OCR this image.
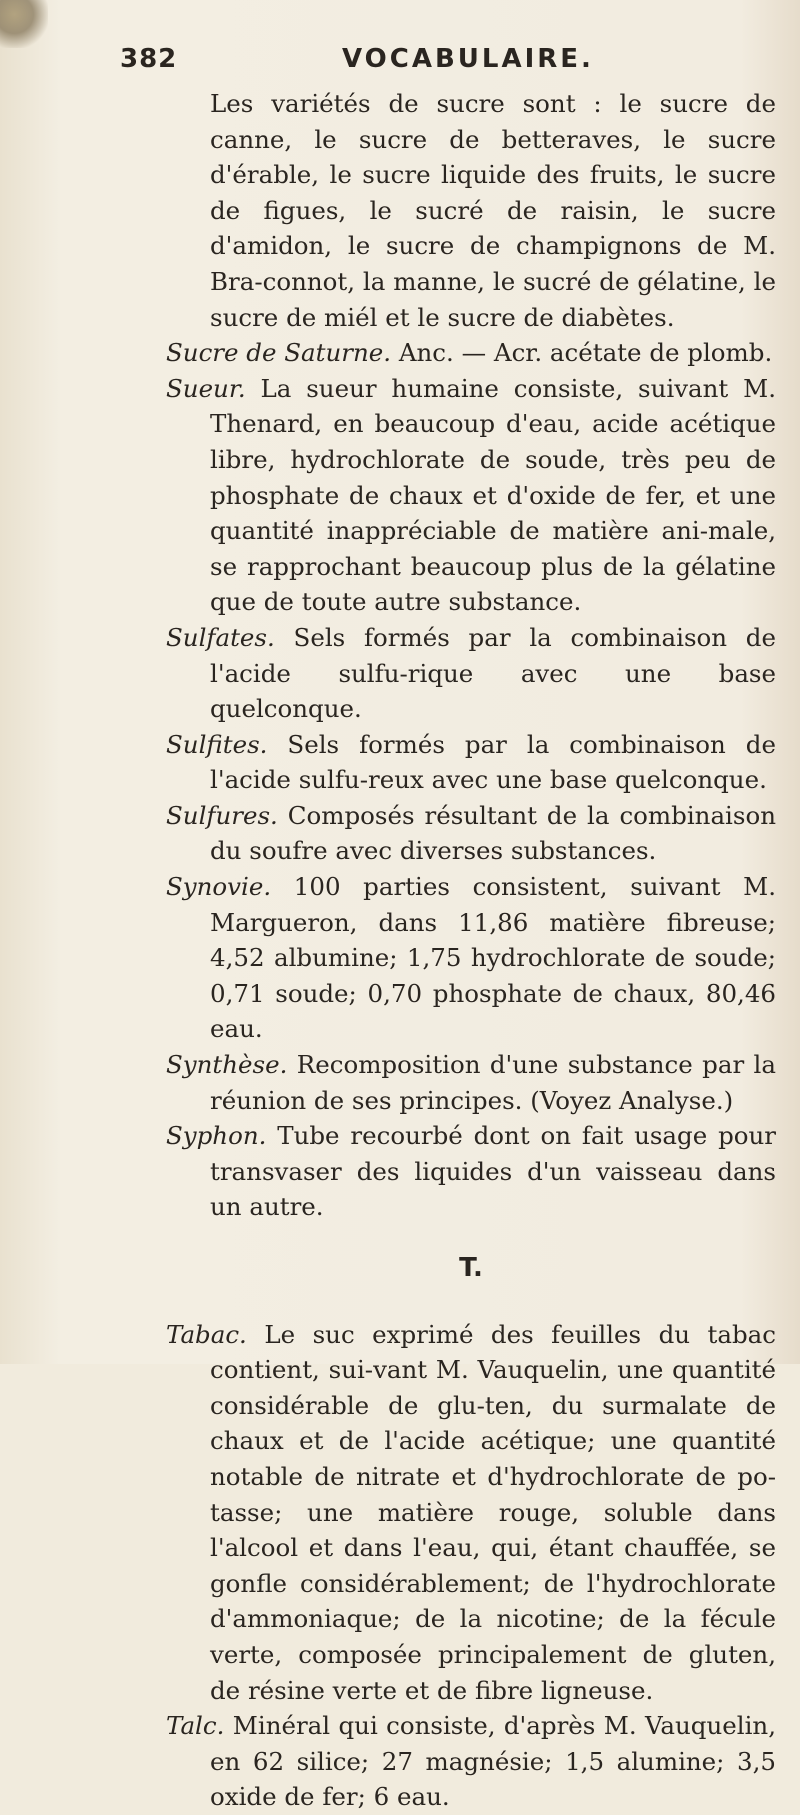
382	VOCABULAIRE.

Les variétés de sucre sont : le sucre de canne, le sucre de betteraves, le sucre d'érable, le sucre liquide des fruits, le sucre de figues, le sucré de raisin, le sucre d'amidon, le sucre de champignons de M. Bra-connot, la manne, le sucré de gélatine, le sucre de miél et le sucre de diabètes.

Sucre de Saturne. Anc. — Acr. acétate de plomb.

Sueur. La sueur humaine consiste, suivant M. Thenard, en beaucoup d'eau, acide acétique libre, hydrochlorate de soude, très peu de phosphate de chaux et d'oxide de fer, et une quantité inappréciable de matière ani-male, se rapprochant beaucoup plus de la gélatine que de toute autre substance.

Sulfates. Sels formés par la combinaison de l'acide sulfu-rique avec une base quelconque.

Sulfites. Sels formés par la combinaison de l'acide sulfu-reux avec une base quelconque.

Sulfures. Composés résultant de la combinaison du soufre avec diverses substances.

Synovie. 100 parties consistent, suivant M. Margueron, dans 11,86 matière fibreuse; 4,52 albumine; 1,75 hydrochlorate de soude; 0,71 soude; 0,70 phosphate de chaux, 80,46 eau.

Synthèse. Recomposition d'une substance par la réunion de ses principes. (Voyez Analyse.)

Syphon. Tube recourbé dont on fait usage pour transvaser des liquides d'un vaisseau dans un autre.

T.

Tabac. Le suc exprimé des feuilles du tabac contient, sui-vant M. Vauquelin, une quantité considérable de glu-ten, du surmalate de chaux et de l'acide acétique; une quantité notable de nitrate et d'hydrochlorate de po-tasse; une matière rouge, soluble dans l'alcool et dans l'eau, qui, étant chauffée, se gonfle considérablement; de l'hydrochlorate d'ammoniaque; de la nicotine; de la fécule verte, composée principalement de gluten, de résine verte et de fibre ligneuse.

Talc. Minéral qui consiste, d'après M. Vauquelin, en 62 silice; 27 magnésie; 1,5 alumine; 3,5 oxide de fer; 6 eau.
